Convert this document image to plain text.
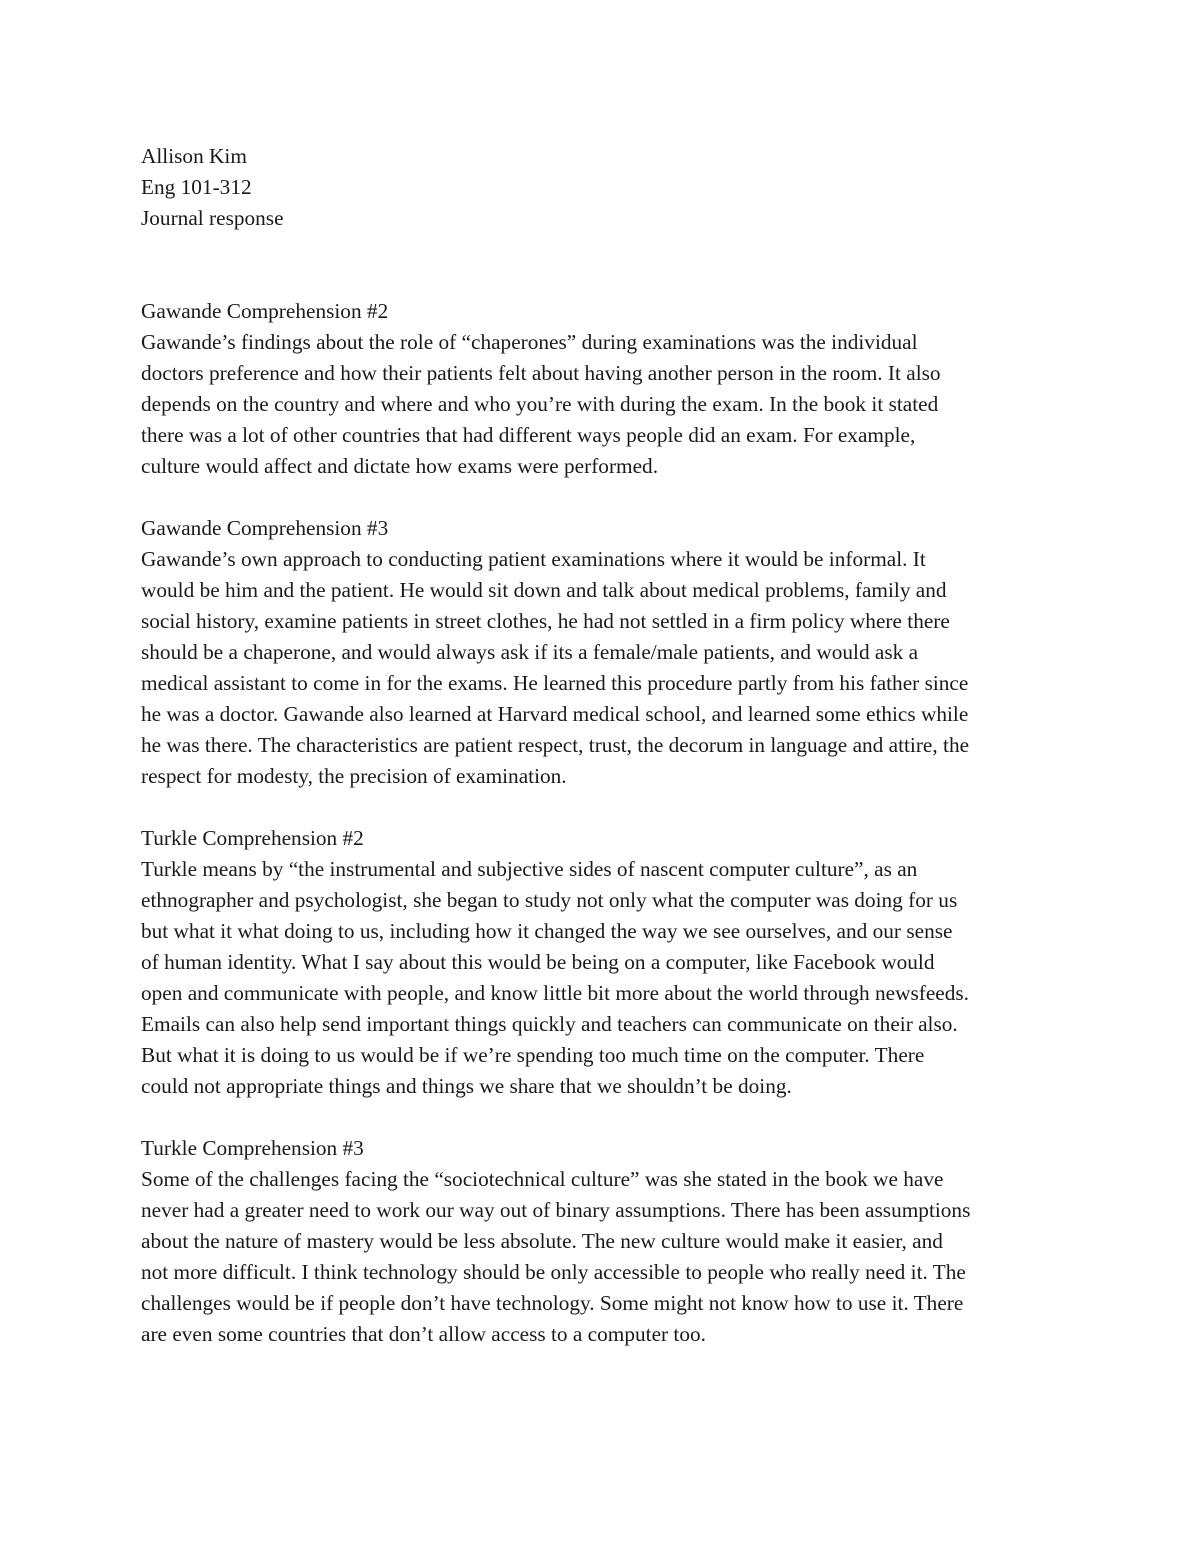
Allison Kim

Eng 101-312

Journal response

Gawande Comprehension #2

Gawande’s findings about the role of “chaperones” during examinations was the individual

doctors preference and how their patients felt about having another person in the room. It also

depends on the country and where and who you’re with during the exam. In the book it stated

there was a lot of other countries that had different ways people did an exam. For example,

culture would affect and dictate how exams were performed.

Gawande Comprehension #3

Gawande’s own approach to conducting patient examinations where it would be informal. It

would be him and the patient. He would sit down and talk about medical problems, family and

social history, examine patients in street clothes, he had not settled in a firm policy where there

should be a chaperone, and would always ask if its a female/male patients, and would ask a

medical assistant to come in for the exams. He learned this procedure partly from his father since

he was a doctor. Gawande also learned at Harvard medical school, and learned some ethics while

he was there. The characteristics are patient respect, trust, the decorum in language and attire, the

respect for modesty, the precision of examination.

Turkle Comprehension #2

Turkle means by “the instrumental and subjective sides of nascent computer culture”, as an

ethnographer and psychologist, she began to study not only what the computer was doing for us

but what it what doing to us, including how it changed the way we see ourselves, and our sense

of human identity. What I say about this would be being on a computer, like Facebook would

open and communicate with people, and know little bit more about the world through newsfeeds.

Emails can also help send important things quickly and teachers can communicate on their also.

But what it is doing to us would be if we’re spending too much time on the computer. There

could not appropriate things and things we share that we shouldn’t be doing.

Turkle Comprehension #3

Some of the challenges facing the “sociotechnical culture” was she stated in the book we have

never had a greater need to work our way out of binary assumptions. There has been assumptions

about the nature of mastery would be less absolute. The new culture would make it easier, and

not more difficult. I think technology should be only accessible to people who really need it. The

challenges would be if people don’t have technology. Some might not know how to use it. There

are even some countries that don’t allow access to a computer too.
